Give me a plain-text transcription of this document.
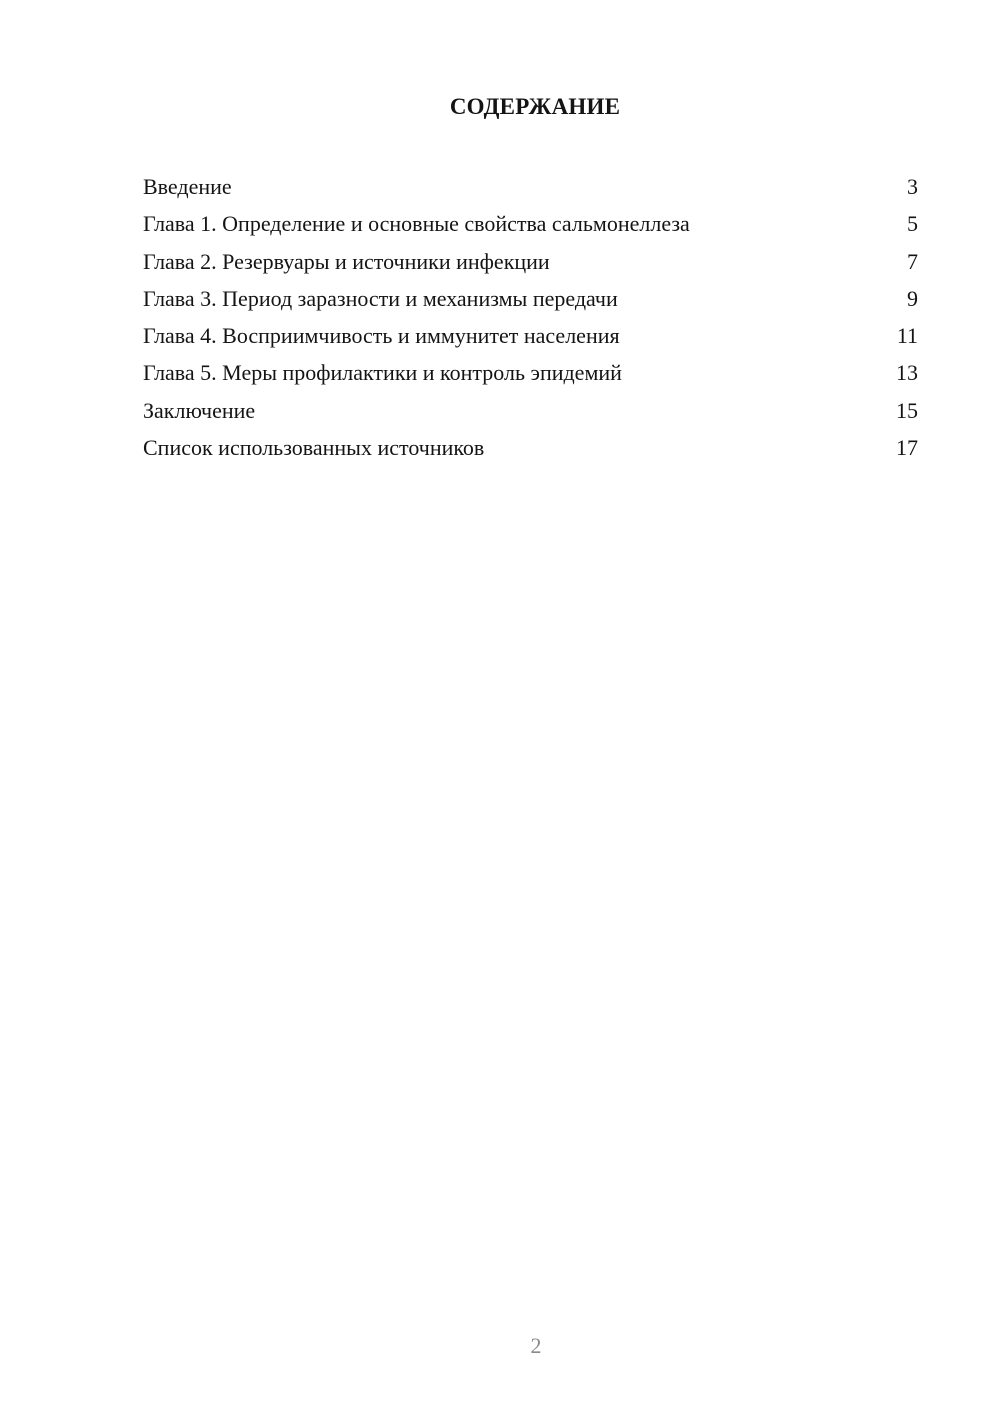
СОДЕРЖАНИЕ
Введение	3
Глава 1. Определение и основные свойства сальмонеллеза	5
Глава 2. Резервуары и источники инфекции	7
Глава 3. Период заразности и механизмы передачи	9
Глава 4. Восприимчивость и иммунитет населения	11
Глава 5. Меры профилактики и контроль эпидемий	13
Заключение	15
Список использованных источников	17
2
